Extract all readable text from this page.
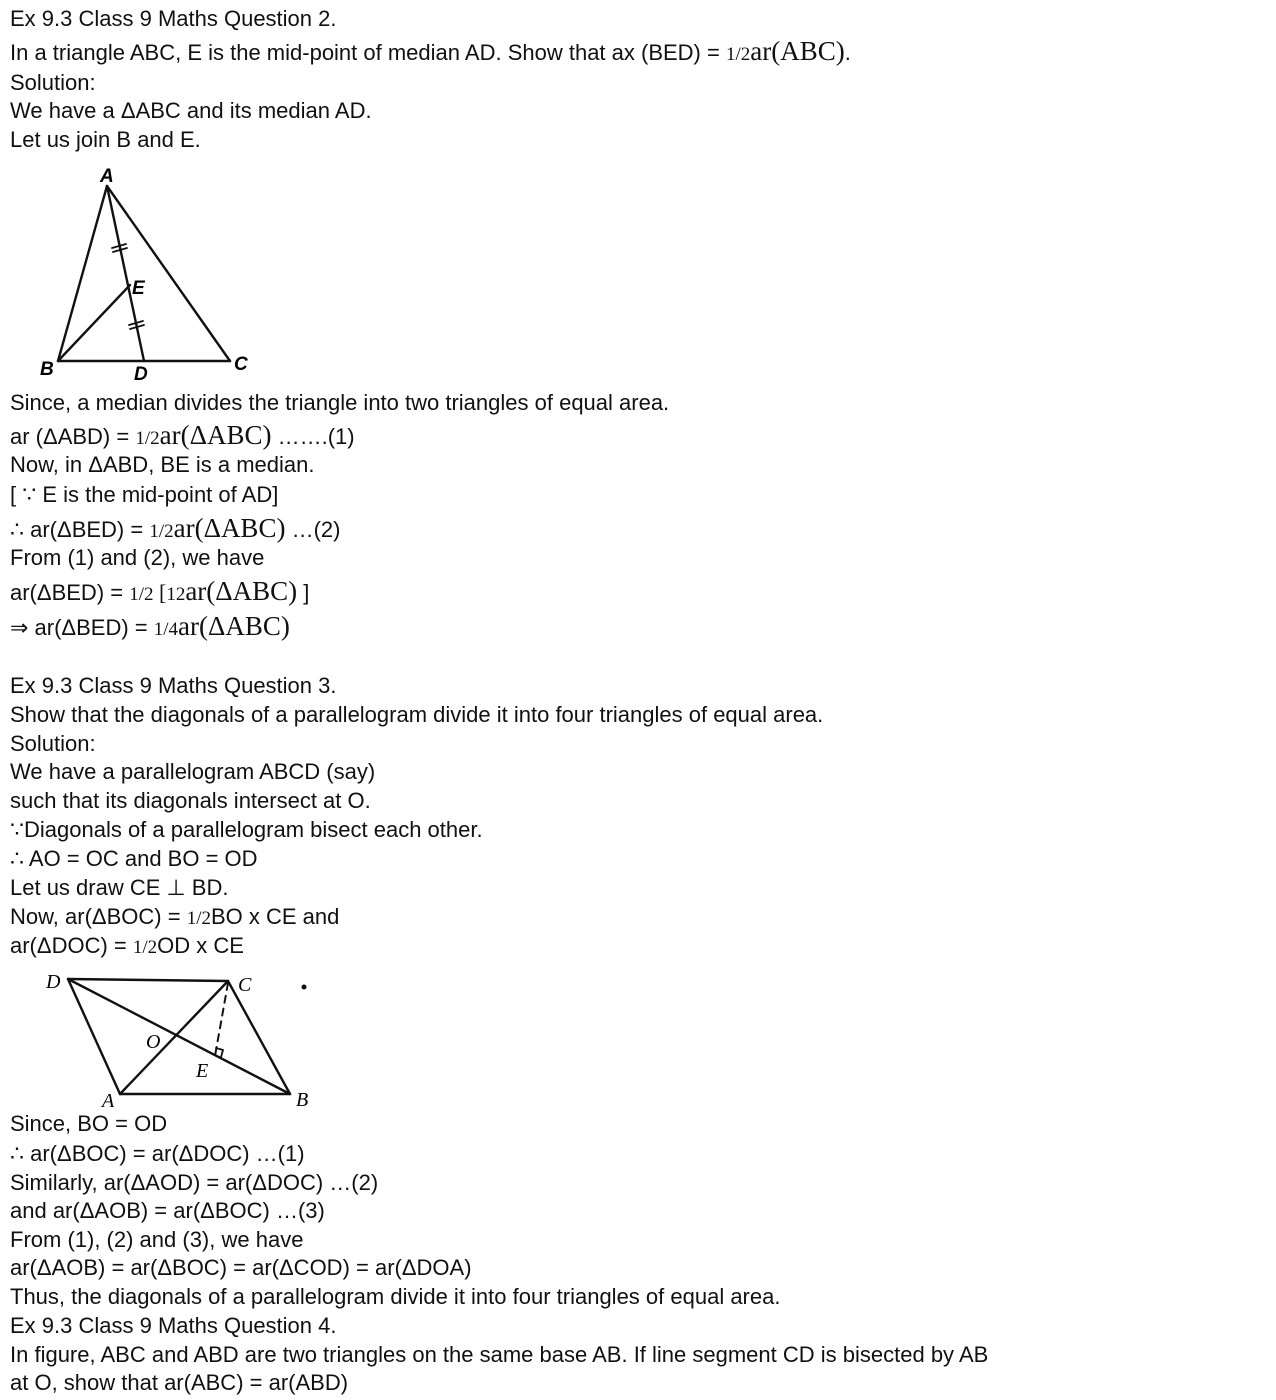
Ex 9.3 Class 9 Maths Question 2.
In a triangle ABC, E is the mid-point of median AD. Show that ax (BED) = 1/2ar(ABC).
Solution:
We have a ΔABC and its median AD.
Let us join B and E.
A
B	C
D
E
Since, a median divides the triangle into two triangles of equal area.
ar (ΔABD) = 1/2ar(ΔABC) …….(1)
Now, in ΔABD, BE is a median.
[ ∵ E is the mid-point of AD]
∴ ar(ΔBED) = 1/2ar(ΔABC) …(2)
From (1) and (2), we have
ar(ΔBED) = 1/2 [12ar(ΔABC) ]
⇒ ar(ΔBED) = 1/4ar(ΔABC)
Ex 9.3 Class 9 Maths Question 3.
Show that the diagonals of a parallelogram divide it into four triangles of equal area.
Solution:
We have a parallelogram ABCD (say)
such that its diagonals intersect at O.
∵Diagonals of a parallelogram bisect each other.
∴ AO = OC and BO = OD
Let us draw CE ⊥ BD.
Now, ar(ΔBOC) = 1/2BO x CE and
ar(ΔDOC) = 1/2OD x CE
D	C
A	B
O
E
Since, BO = OD
∴ ar(ΔBOC) = ar(ΔDOC) …(1)
Similarly, ar(ΔAOD) = ar(ΔDOC) …(2)
and ar(ΔAOB) = ar(ΔBOC) …(3)
From (1), (2) and (3), we have
ar(ΔAOB) = ar(ΔBOC) = ar(ΔCOD) = ar(ΔDOA)
Thus, the diagonals of a parallelogram divide it into four triangles of equal area.
Ex 9.3 Class 9 Maths Question 4.
In figure, ABC and ABD are two triangles on the same base AB. If line segment CD is bisected by AB
at O, show that ar(ABC) = ar(ABD)
